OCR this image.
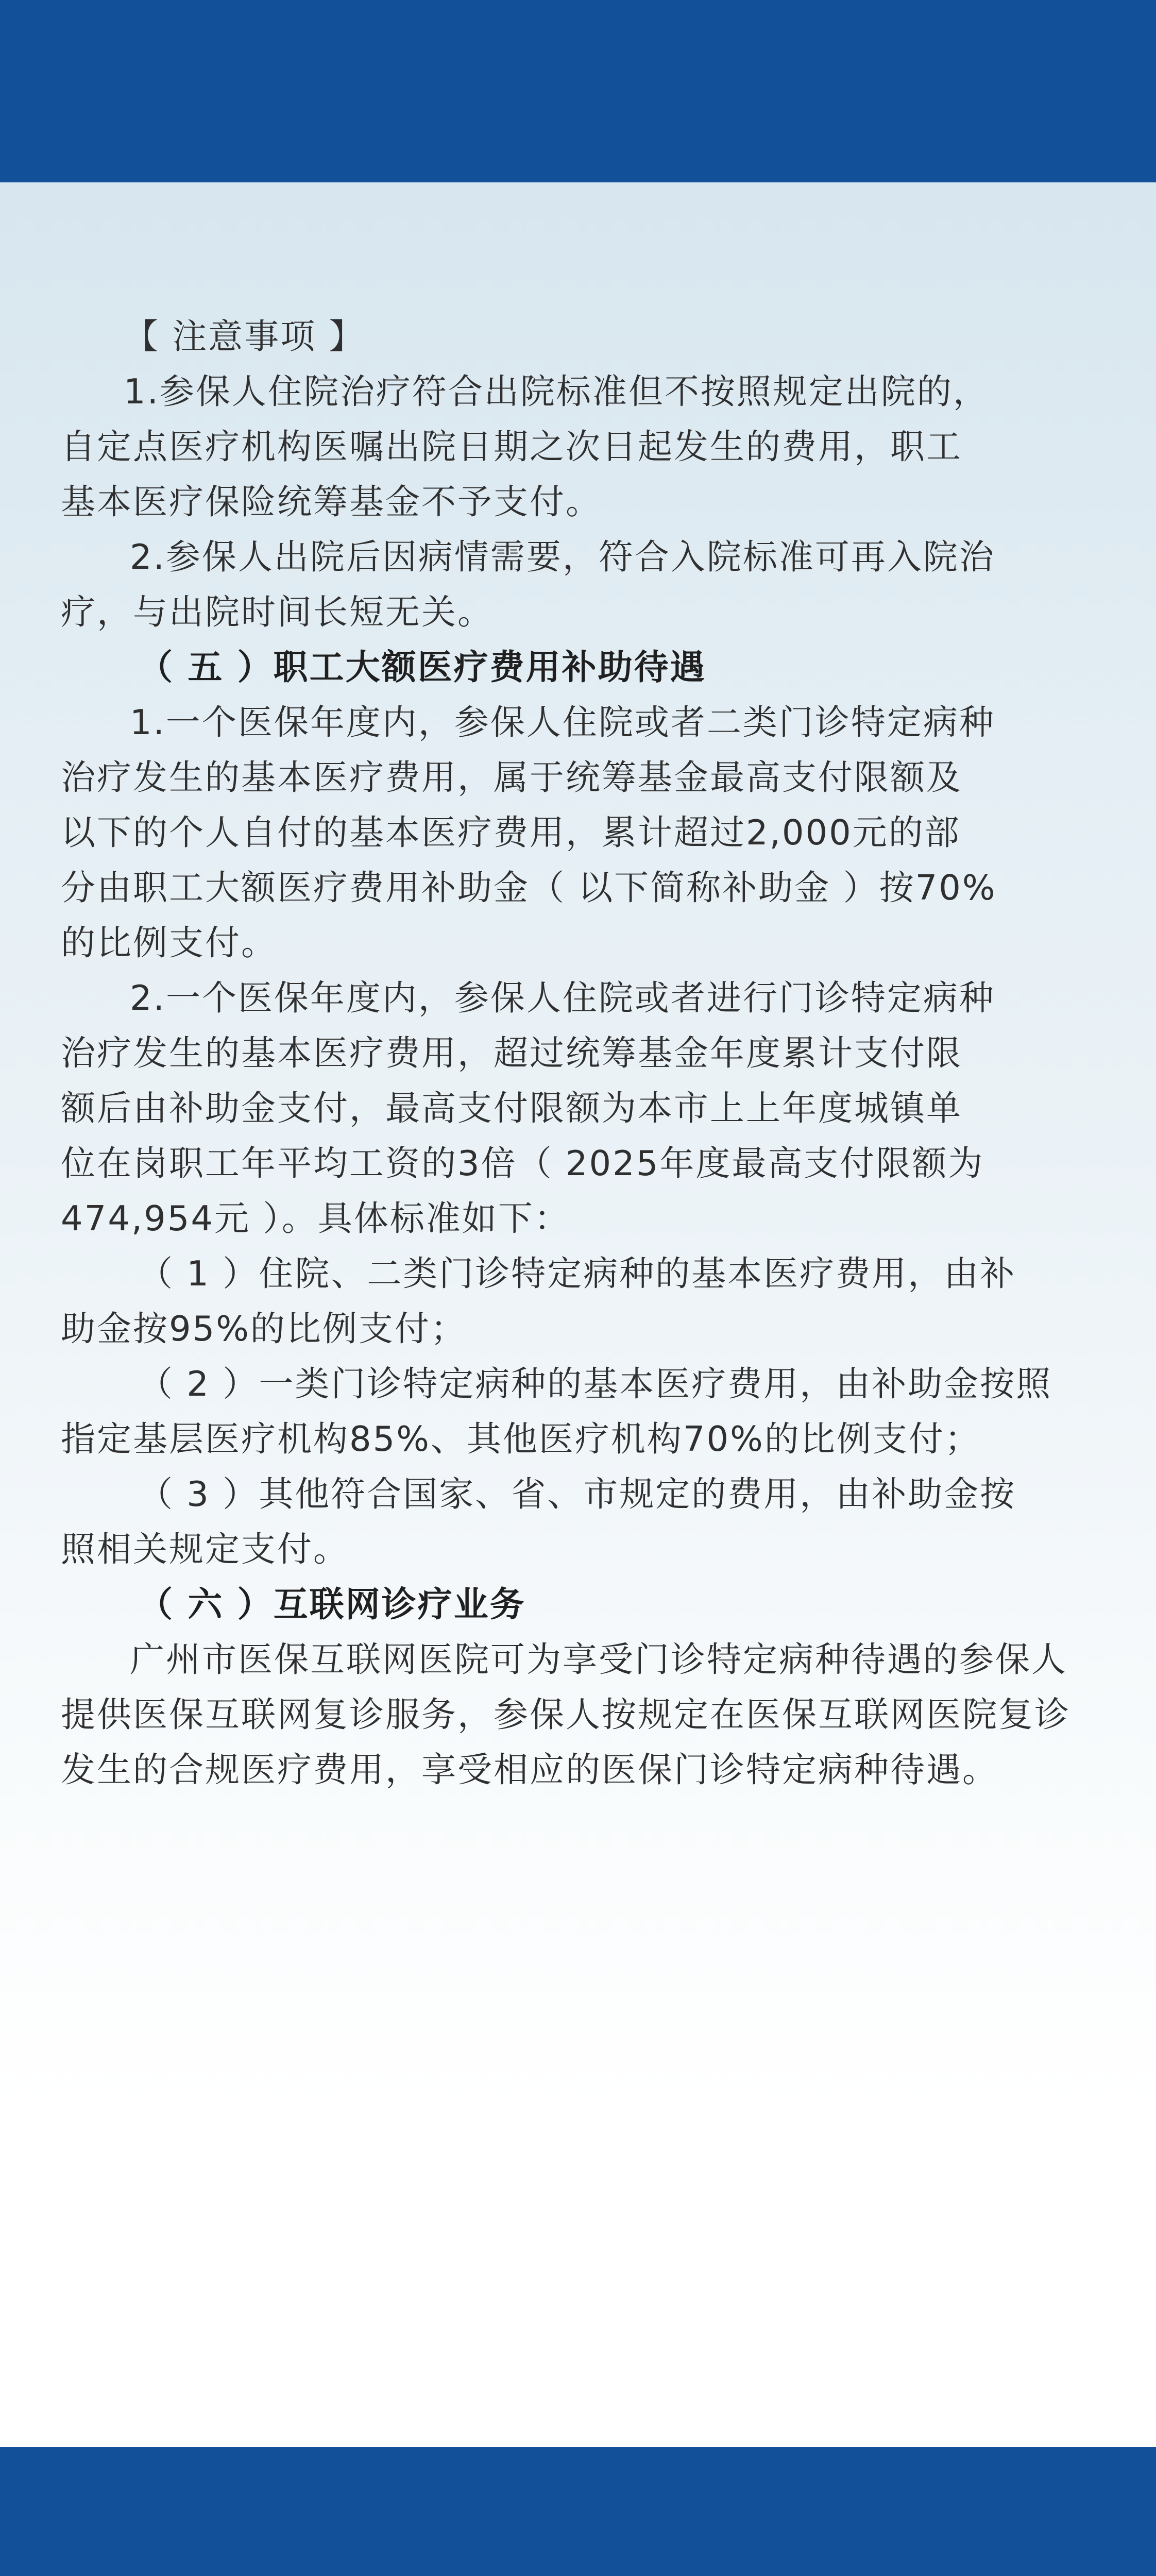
【 注意事项 】
1.参保人住院治疗符合出院标准但不按照规定出院的，
自定点医疗机构医嘱出院日期之次日起发生的费用，职工
基本医疗保险统筹基金不予支付。
2.参保人出院后因病情需要，符合入院标准可再入院治
疗，与出院时间长短无关。
（ 五 ）职工大额医疗费用补助待遇
1.一个医保年度内，参保人住院或者二类门诊特定病种
治疗发生的基本医疗费用，属于统筹基金最高支付限额及
以下的个人自付的基本医疗费用，累计超过2,000元的部
分由职工大额医疗费用补助金（ 以下简称补助金 ）按70%
的比例支付。
2.一个医保年度内，参保人住院或者进行门诊特定病种
治疗发生的基本医疗费用，超过统筹基金年度累计支付限
额后由补助金支付，最高支付限额为本市上上年度城镇单
位在岗职工年平均工资的3倍（ 2025年度最高支付限额为
474,954元 ）。具体标准如下：
（ 1 ）住院、二类门诊特定病种的基本医疗费用，由补
助金按95%的比例支付；
（ 2 ）一类门诊特定病种的基本医疗费用，由补助金按照
指定基层医疗机构85%、其他医疗机构70%的比例支付；
（ 3 ）其他符合国家、省、市规定的费用，由补助金按
照相关规定支付。
（ 六 ）互联网诊疗业务
广州市医保互联网医院可为享受门诊特定病种待遇的参保人
提供医保互联网复诊服务，参保人按规定在医保互联网医院复诊
发生的合规医疗费用，享受相应的医保门诊特定病种待遇。
